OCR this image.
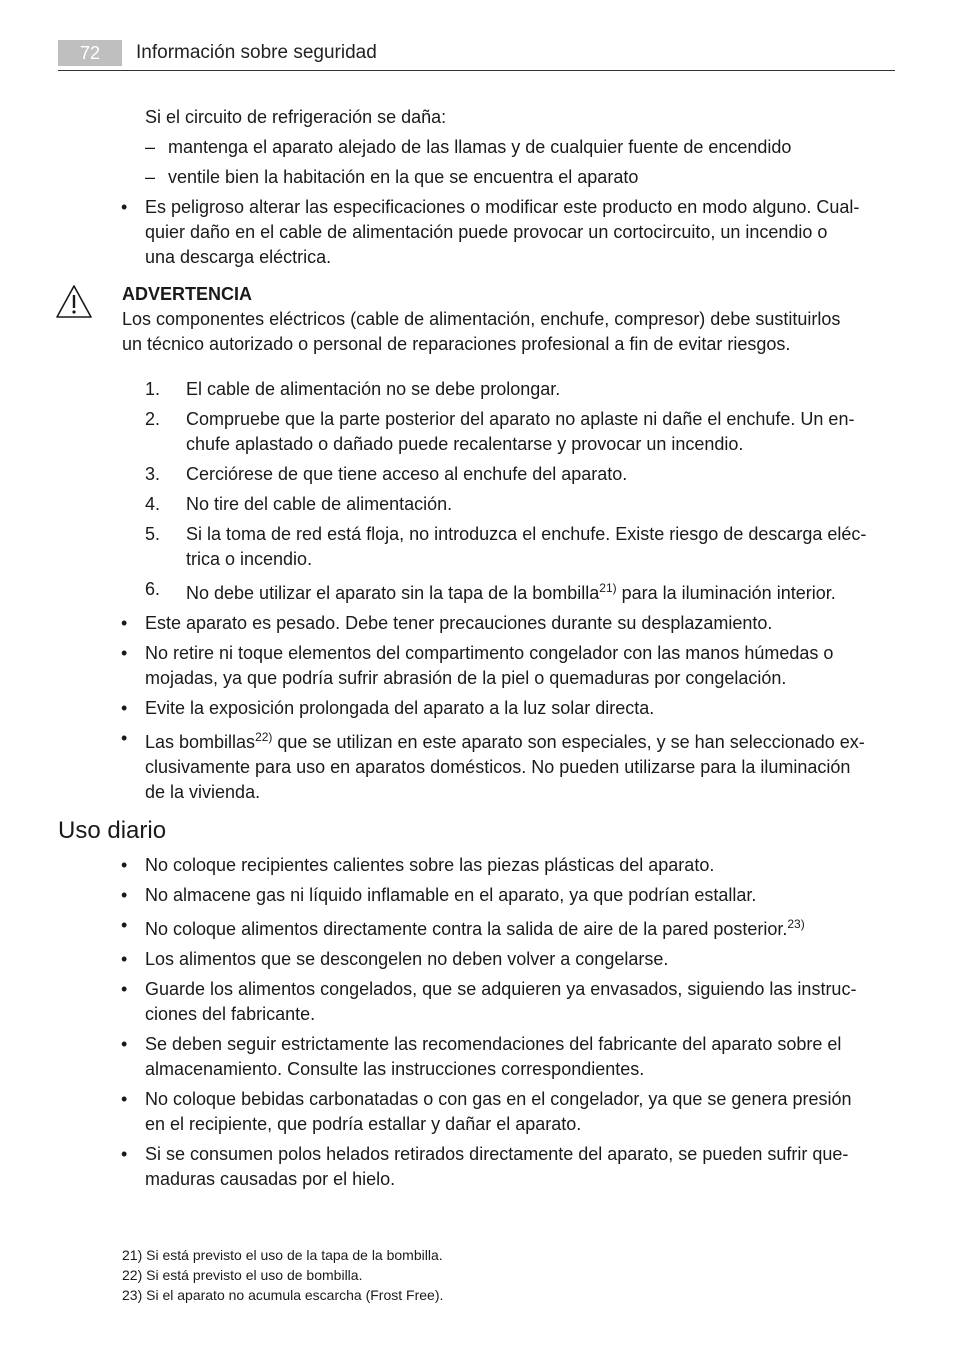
72	Información sobre seguridad
Si el circuito de refrigeración se daña:
– mantenga el aparato alejado de las llamas y de cualquier fuente de encendido
– ventile bien la habitación en la que se encuentra el aparato
• Es peligroso alterar las especificaciones o modificar este producto en modo alguno. Cual-
quier daño en el cable de alimentación puede provocar un cortocircuito, un incendio o
una descarga eléctrica.
ADVERTENCIA
Los componentes eléctricos (cable de alimentación, enchufe, compresor) debe sustituirlos
un técnico autorizado o personal de reparaciones profesional a fin de evitar riesgos.
1. El cable de alimentación no se debe prolongar.
2. Compruebe que la parte posterior del aparato no aplaste ni dañe el enchufe. Un en-
chufe aplastado o dañado puede recalentarse y provocar un incendio.
3. Cerciórese de que tiene acceso al enchufe del aparato.
4. No tire del cable de alimentación.
5. Si la toma de red está floja, no introduzca el enchufe. Existe riesgo de descarga eléc-
trica o incendio.
6. No debe utilizar el aparato sin la tapa de la bombilla$^{21)}$ para la iluminación interior.
• Este aparato es pesado. Debe tener precauciones durante su desplazamiento.
• No retire ni toque elementos del compartimento congelador con las manos húmedas o
mojadas, ya que podría sufrir abrasión de la piel o quemaduras por congelación.
• Evite la exposición prolongada del aparato a la luz solar directa.
• Las bombillas$^{22)}$ que se utilizan en este aparato son especiales, y se han seleccionado ex-
clusivamente para uso en aparatos domésticos. No pueden utilizarse para la iluminación
de la vivienda.
Uso diario
• No coloque recipientes calientes sobre las piezas plásticas del aparato.
• No almacene gas ni líquido inflamable en el aparato, ya que podrían estallar.
• No coloque alimentos directamente contra la salida de aire de la pared posterior.$^{23)}$
• Los alimentos que se descongelen no deben volver a congelarse.
• Guarde los alimentos congelados, que se adquieren ya envasados, siguiendo las instruc-
ciones del fabricante.
• Se deben seguir estrictamente las recomendaciones del fabricante del aparato sobre el
almacenamiento. Consulte las instrucciones correspondientes.
• No coloque bebidas carbonatadas o con gas en el congelador, ya que se genera presión
en el recipiente, que podría estallar y dañar el aparato.
• Si se consumen polos helados retirados directamente del aparato, se pueden sufrir que-
maduras causadas por el hielo.
21) Si está previsto el uso de la tapa de la bombilla.
22) Si está previsto el uso de bombilla.
23) Si el aparato no acumula escarcha (Frost Free).
